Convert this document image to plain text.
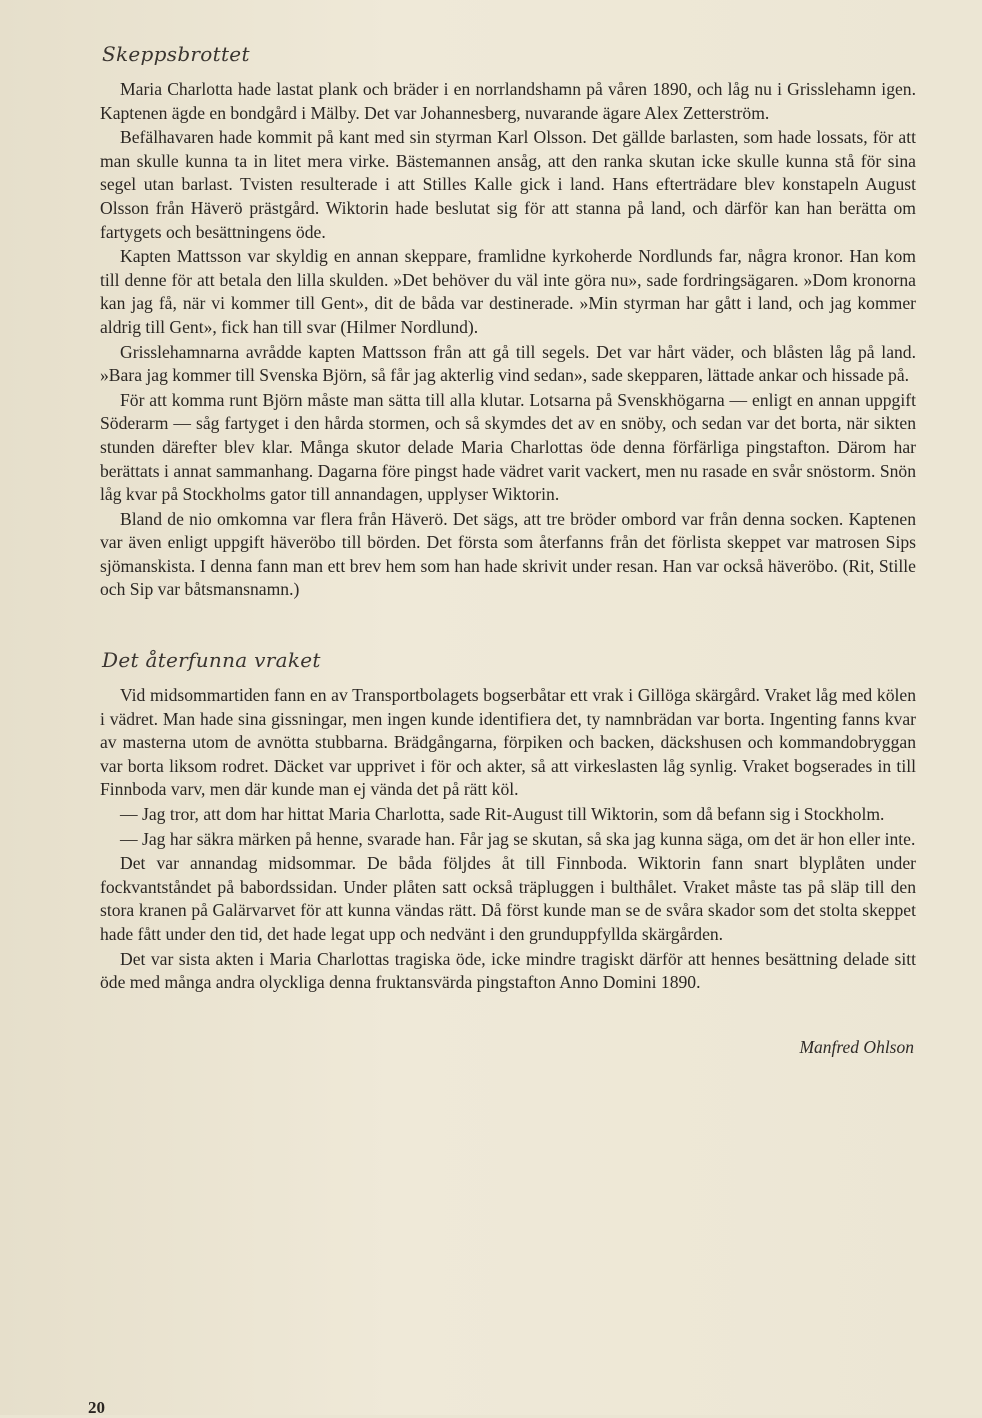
Skeppsbrottet

Maria Charlotta hade lastat plank och bräder i en norrlandshamn på våren 1890, och låg nu i Grisslehamn igen. Kaptenen ägde en bondgård i Mälby. Det var Johannesberg, nuvarande ägare Alex Zetterström.

Befälhavaren hade kommit på kant med sin styrman Karl Olsson. Det gällde barlasten, som hade lossats, för att man skulle kunna ta in litet mera virke. Bästemannen ansåg, att den ranka skutan icke skulle kunna stå för sina segel utan barlast. Tvisten resulterade i att Stilles Kalle gick i land. Hans efterträdare blev konstapeln August Olsson från Häverö prästgård. Wiktorin hade beslutat sig för att stanna på land, och därför kan han berätta om fartygets och besättningens öde.

Kapten Mattsson var skyldig en annan skeppare, framlidne kyrkoherde Nordlunds far, några kronor. Han kom till denne för att betala den lilla skulden. »Det behöver du väl inte göra nu», sade fordringsägaren. »Dom kronorna kan jag få, när vi kommer till Gent», dit de båda var destinerade. »Min styrman har gått i land, och jag kommer aldrig till Gent», fick han till svar (Hilmer Nordlund).

Grisslehamnarna avrådde kapten Mattsson från att gå till segels. Det var hårt väder, och blåsten låg på land. »Bara jag kommer till Svenska Björn, så får jag akterlig vind sedan», sade skepparen, lättade ankar och hissade på.

För att komma runt Björn måste man sätta till alla klutar. Lotsarna på Svenskhögarna — enligt en annan uppgift Söderarm — såg fartyget i den hårda stormen, och så skymdes det av en snöby, och sedan var det borta, när sikten stunden därefter blev klar. Många skutor delade Maria Charlottas öde denna förfärliga pingstafton. Därom har berättats i annat sammanhang. Dagarna före pingst hade vädret varit vackert, men nu rasade en svår snöstorm. Snön låg kvar på Stockholms gator till annandagen, upplyser Wiktorin.

Bland de nio omkomna var flera från Häverö. Det sägs, att tre bröder ombord var från denna socken. Kaptenen var även enligt uppgift häveröbo till börden. Det första som återfanns från det förlista skeppet var matrosen Sips sjömanskista. I denna fann man ett brev hem som han hade skrivit under resan. Han var också häveröbo. (Rit, Stille och Sip var båtsmansnamn.)

Det återfunna vraket

Vid midsommartiden fann en av Transportbolagets bogserbåtar ett vrak i Gillöga skärgård. Vraket låg med kölen i vädret. Man hade sina gissningar, men ingen kunde identifiera det, ty namnbrädan var borta. Ingenting fanns kvar av masterna utom de avnötta stubbarna. Brädgångarna, förpiken och backen, däckshusen och kommandobryggan var borta liksom rodret. Däcket var upprivet i för och akter, så att virkeslasten låg synlig. Vraket bogserades in till Finnboda varv, men där kunde man ej vända det på rätt köl.

— Jag tror, att dom har hittat Maria Charlotta, sade Rit-August till Wiktorin, som då befann sig i Stockholm.

— Jag har säkra märken på henne, svarade han. Får jag se skutan, så ska jag kunna säga, om det är hon eller inte.

Det var annandag midsommar. De båda följdes åt till Finnboda. Wiktorin fann snart blyplåten under fockvantståndet på babordssidan. Under plåten satt också träpluggen i bulthålet. Vraket måste tas på släp till den stora kranen på Galärvarvet för att kunna vändas rätt. Då först kunde man se de svåra skador som det stolta skeppet hade fått under den tid, det hade legat upp och nedvänt i den grunduppfyllda skärgården.

Det var sista akten i Maria Charlottas tragiska öde, icke mindre tragiskt därför att hennes besättning delade sitt öde med många andra olyckliga denna fruktansvärda pingstafton Anno Domini 1890.

Manfred Ohlson
20
